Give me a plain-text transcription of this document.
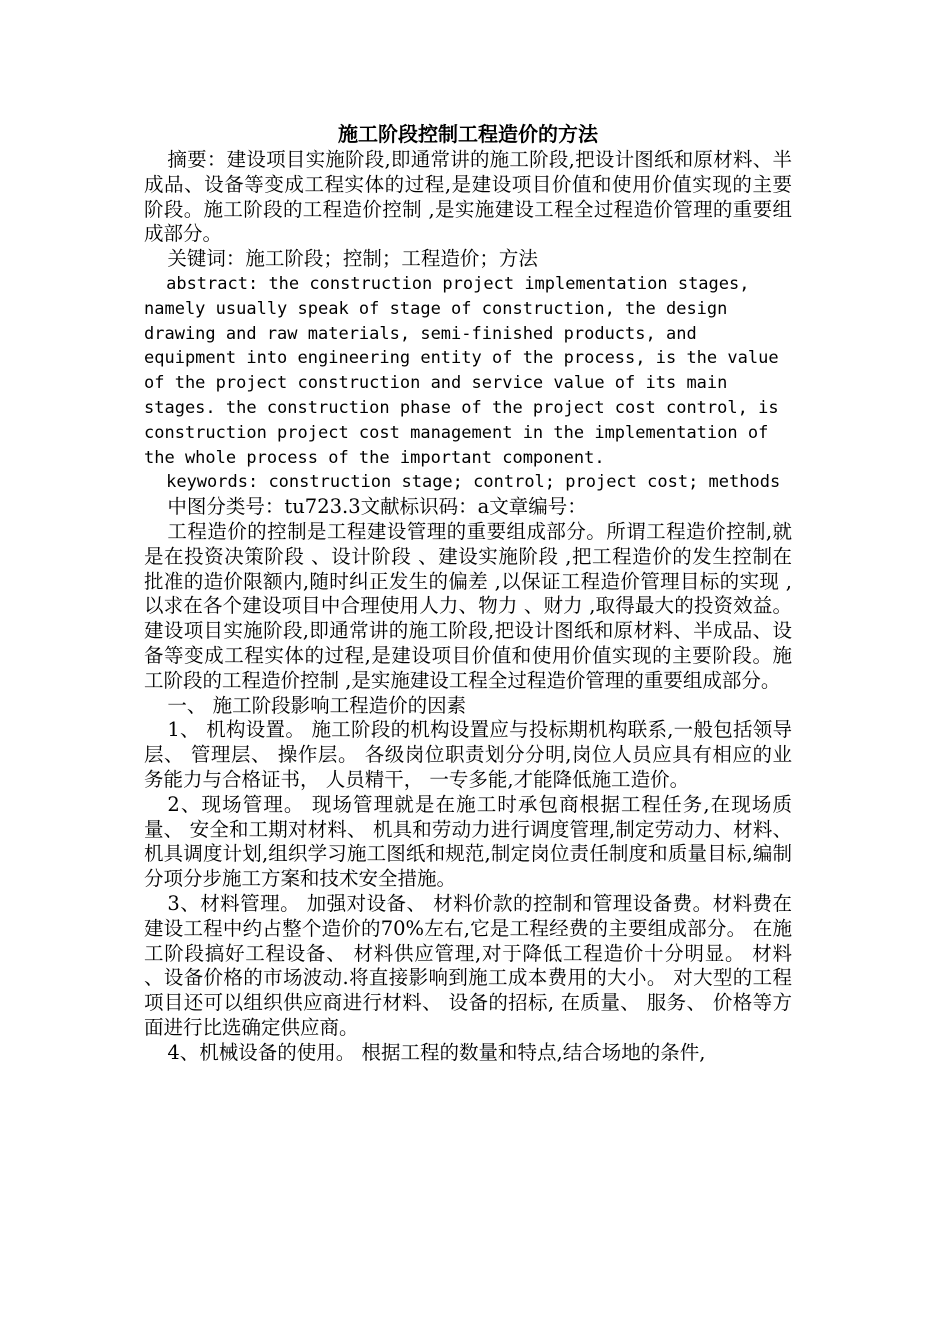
施工阶段控制工程造价的方法

摘要：建设项目实施阶段,即通常讲的施工阶段,把设计图纸和原材料、半成品、设备等变成工程实体的过程,是建设项目价值和使用价值实现的主要阶段。施工阶段的工程造价控制 ,是实施建设工程全过程造价管理的重要组成部分。

关键词：施工阶段；控制；工程造价；方法

abstract: the construction project implementation stages, namely usually speak of stage of construction, the design drawing and raw materials, semi-finished products, and equipment into engineering entity of the process, is the value of the project construction and service value of its main stages. the construction phase of the project cost control, is construction project cost management in the implementation of the whole process of the important component.

keywords: construction stage; control; project cost; methods

中图分类号：tu723.3文献标识码：a文章编号：

工程造价的控制是工程建设管理的重要组成部分。所谓工程造价控制,就是在投资决策阶段 、设计阶段 、建设实施阶段 ,把工程造价的发生控制在批准的造价限额内,随时纠正发生的偏差 ,以保证工程造价管理目标的实现 ,以求在各个建设项目中合理使用人力、物力 、财力 ,取得最大的投资效益。建设项目实施阶段,即通常讲的施工阶段,把设计图纸和原材料、半成品、设备等变成工程实体的过程,是建设项目价值和使用价值实现的主要阶段。施工阶段的工程造价控制 ,是实施建设工程全过程造价管理的重要组成部分。

一、 施工阶段影响工程造价的因素

1、 机构设置。 施工阶段的机构设置应与投标期机构联系,一般包括领导层、 管理层、 操作层。 各级岗位职责划分分明,岗位人员应具有相应的业务能力与合格证书， 人员精干， 一专多能,才能降低施工造价。

2、现场管理。 现场管理就是在施工时承包商根据工程任务,在现场质量、 安全和工期对材料、 机具和劳动力进行调度管理,制定劳动力、材料、机具调度计划,组织学习施工图纸和规范,制定岗位责任制度和质量目标,编制分项分步施工方案和技术安全措施。

3、材料管理。 加强对设备、 材料价款的控制和管理设备费。材料费在建设工程中约占整个造价的70%左右,它是工程经费的主要组成部分。 在施工阶段搞好工程设备、 材料供应管理,对于降低工程造价十分明显。 材料 、设备价格的市场波动.将直接影响到施工成本费用的大小。 对大型的工程项目还可以组织供应商进行材料、 设备的招标, 在质量、 服务、 价格等方面进行比选确定供应商。

4、机械设备的使用。 根据工程的数量和特点,结合场地的条件,
